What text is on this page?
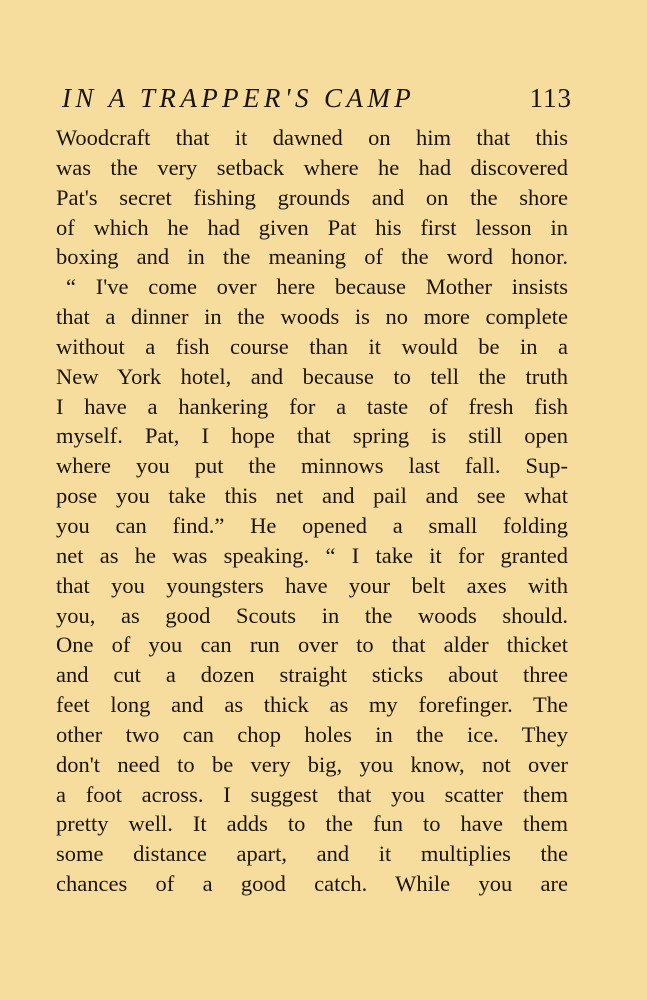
IN A TRAPPER'S CAMP	113
Woodcraft that it dawned on him that this
was the very setback where he had discovered
Pat's secret fishing grounds and on the shore
of which he had given Pat his first lesson in
boxing and in the meaning of the word honor.
“ I've come over here because Mother insists
that a dinner in the woods is no more complete
without a fish course than it would be in a
New York hotel, and because to tell the truth
I have a hankering for a taste of fresh fish
myself. Pat, I hope that spring is still open
where you put the minnows last fall. Sup-
pose you take this net and pail and see what
you can find.” He opened a small folding
net as he was speaking. “ I take it for granted
that you youngsters have your belt axes with
you, as good Scouts in the woods should.
One of you can run over to that alder thicket
and cut a dozen straight sticks about three
feet long and as thick as my forefinger. The
other two can chop holes in the ice. They
don't need to be very big, you know, not over
a foot across. I suggest that you scatter them
pretty well. It adds to the fun to have them
some distance apart, and it multiplies the
chances of a good catch. While you are
